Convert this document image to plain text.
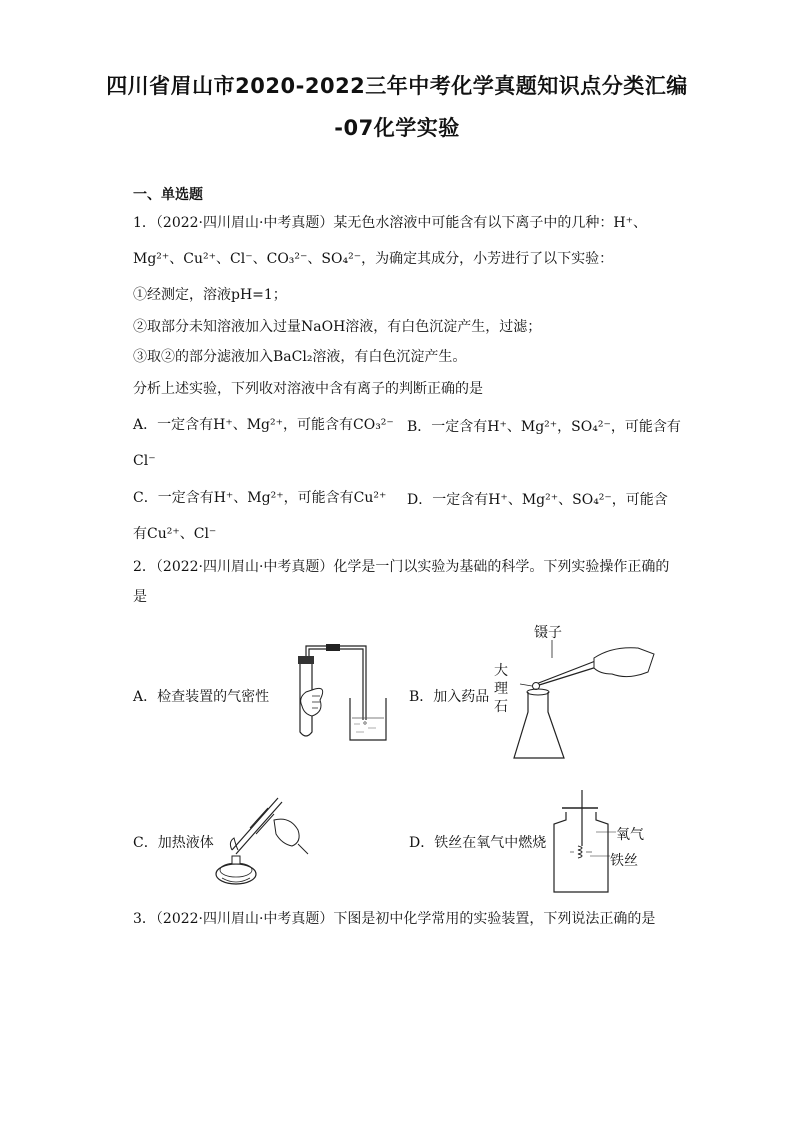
四川省眉山市2020-2022三年中考化学真题知识点分类汇编
-07化学实验
一、单选题
1．（2022·四川眉山·中考真题）某无色水溶液中可能含有以下离子中的几种：H⁺、
Mg²⁺、Cu²⁺、Cl⁻、CO₃²⁻、SO₄²⁻，为确定其成分，小芳进行了以下实验：
①经测定，溶液pH=1；
②取部分未知溶液加入过量NaOH溶液，有白色沉淀产生，过滤；
③取②的部分滤液加入BaCl₂溶液，有白色沉淀产生。
分析上述实验，下列收对溶液中含有离子的判断正确的是
A．一定含有H⁺、Mg²⁺，可能含有CO₃²⁻ B．一定含有H⁺、Mg²⁺，SO₄²⁻，可能含有
Cl⁻
C．一定含有H⁺、Mg²⁺，可能含有Cu²⁺ D．一定含有H⁺、Mg²⁺、SO₄²⁻，可能含
有Cu²⁺、Cl⁻
2．（2022·四川眉山·中考真题）化学是一门以实验为基础的科学。下列实验操作正确的
是
A．检查装置的气密性	B．加入药品
镊子
大
理
石
C．加热液体	D．铁丝在氧气中燃烧	氧气
铁丝
3．（2022·四川眉山·中考真题）下图是初中化学常用的实验装置，下列说法正确的是
